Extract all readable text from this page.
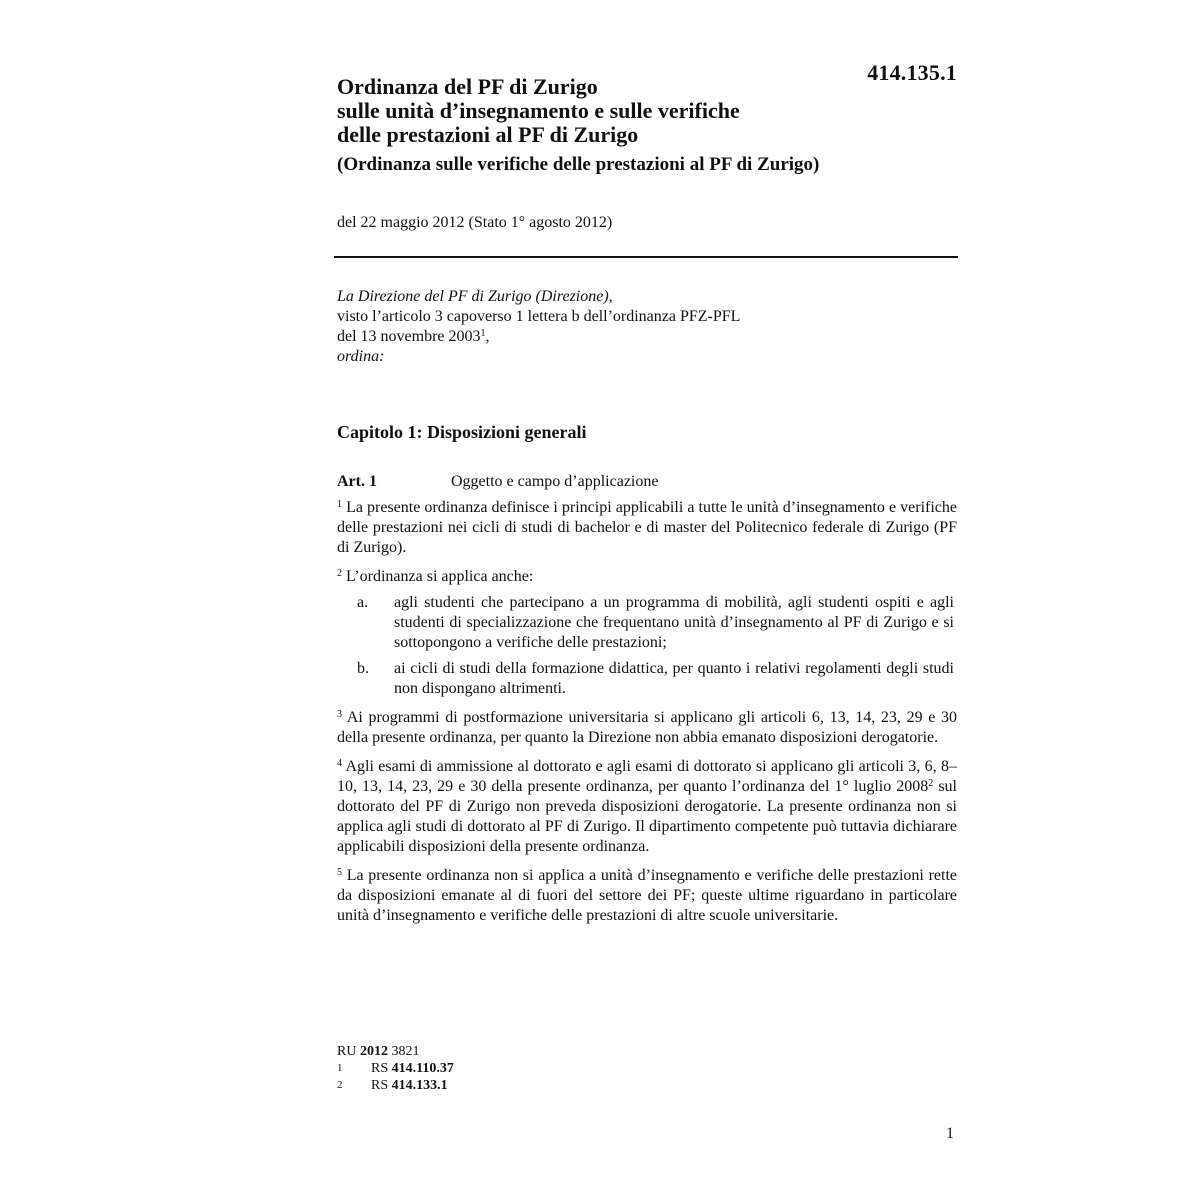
414.135.1
Ordinanza del PF di Zurigo
sulle unità d’insegnamento e sulle verifiche
delle prestazioni al PF di Zurigo
(Ordinanza sulle verifiche delle prestazioni al PF di Zurigo)
del 22 maggio 2012 (Stato 1° agosto 2012)
La Direzione del PF di Zurigo (Direzione),
visto l’articolo 3 capoverso 1 lettera b dell’ordinanza PFZ-PFL
del 13 novembre 2003$^1$,
ordina:
Capitolo 1: Disposizioni generali
Art. 1	Oggetto e campo d’applicazione
$^1$ La presente ordinanza definisce i principi applicabili a tutte le unità d’insegnamento e verifiche delle prestazioni nei cicli di studi di bachelor e di master del Politecnico federale di Zurigo (PF di Zurigo).
$^2$ L’ordinanza si applica anche:
a.	agli studenti che partecipano a un programma di mobilità, agli studenti ospiti e agli studenti di specializzazione che frequentano unità d’insegnamento al PF di Zurigo e si sottopongono a verifiche delle prestazioni;
b.	ai cicli di studi della formazione didattica, per quanto i relativi regolamenti degli studi non dispongano altrimenti.
$^3$ Ai programmi di postformazione universitaria si applicano gli articoli 6, 13, 14, 23, 29 e 30 della presente ordinanza, per quanto la Direzione non abbia emanato disposizioni derogatorie.
$^4$ Agli esami di ammissione al dottorato e agli esami di dottorato si applicano gli articoli 3, 6, 8–10, 13, 14, 23, 29 e 30 della presente ordinanza, per quanto l’ordinanza del 1° luglio 2008$^2$ sul dottorato del PF di Zurigo non preveda disposizioni derogatorie. La presente ordinanza non si applica agli studi di dottorato al PF di Zurigo. Il dipartimento competente può tuttavia dichiarare applicabili disposizioni della presente ordinanza.
$^5$ La presente ordinanza non si applica a unità d’insegnamento e verifiche delle prestazioni rette da disposizioni emanate al di fuori del settore dei PF; queste ultime riguardano in particolare unità d’insegnamento e verifiche delle prestazioni di altre scuole universitarie.
RU 2012 3821
1	RS 414.110.37
2	RS 414.133.1
1
